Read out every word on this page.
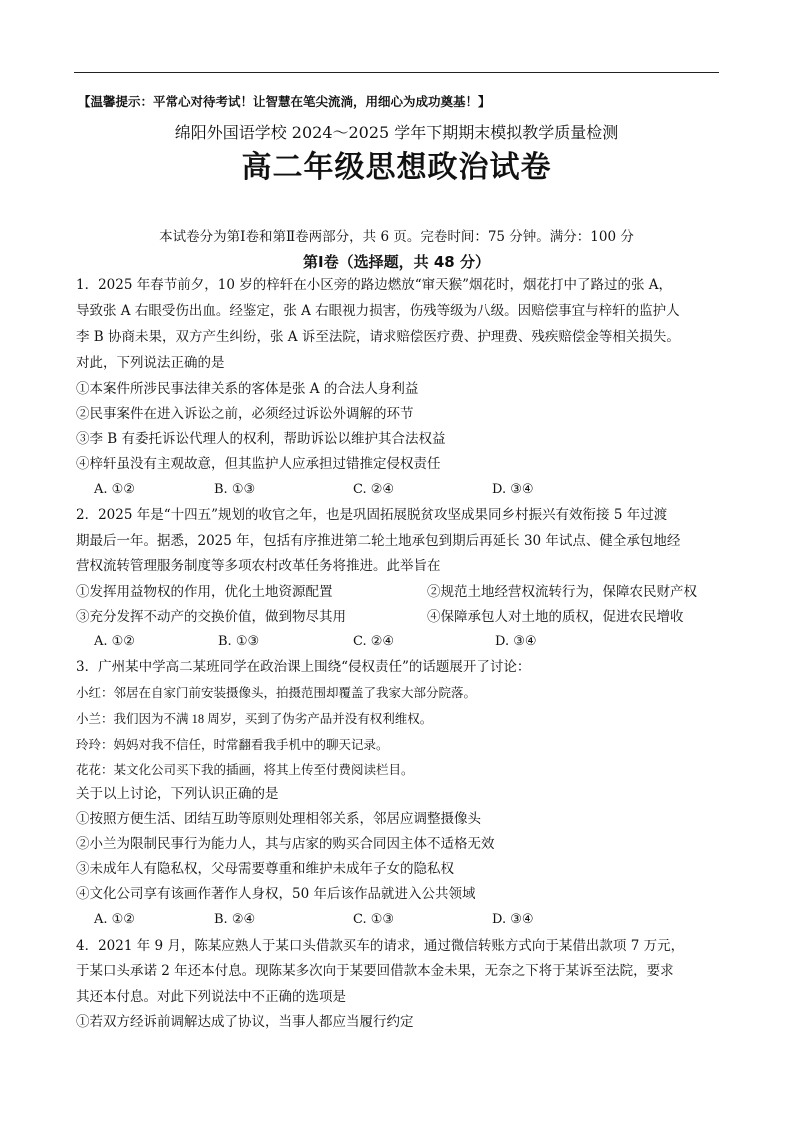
【温馨提示：平常心对待考试！让智慧在笔尖流淌，用细心为成功奠基！】
绵阳外国语学校 2024～2025 学年下期期末模拟教学质量检测
高二年级思想政治试卷
本试卷分为第Ⅰ卷和第Ⅱ卷两部分，共 6 页。完卷时间：75 分钟。满分：100 分
第Ⅰ卷（选择题，共 48 分）
1．2025 年春节前夕，10 岁的梓轩在小区旁的路边燃放“窜天猴”烟花时，烟花打中了路过的张 A，
导致张 A 右眼受伤出血。经鉴定，张 A 右眼视力损害，伤残等级为八级。因赔偿事宜与梓轩的监护人
李 B 协商未果，双方产生纠纷，张 A 诉至法院，请求赔偿医疗费、护理费、残疾赔偿金等相关损失。
对此，下列说法正确的是
①本案件所涉民事法律关系的客体是张 A 的合法人身利益
②民事案件在进入诉讼之前，必须经过诉讼外调解的环节
③李 B 有委托诉讼代理人的权利，帮助诉讼以维护其合法权益
④梓轩虽没有主观故意，但其监护人应承担过错推定侵权责任
A. ①②	B. ①③	C. ②④	D. ③④
2．2025 年是“十四五”规划的收官之年，也是巩固拓展脱贫攻坚成果同乡村振兴有效衔接 5 年过渡
期最后一年。据悉，2025 年，包括有序推进第二轮土地承包到期后再延长 30 年试点、健全承包地经
营权流转管理服务制度等多项农村改革任务将推进。此举旨在
①发挥用益物权的作用，优化土地资源配置	②规范土地经营权流转行为，保障农民财产权
③充分发挥不动产的交换价值，做到物尽其用	④保障承包人对土地的质权，促进农民增收
A. ①②	B. ①③	C. ②④	D. ③④
3．广州某中学高二某班同学在政治课上围绕“侵权责任”的话题展开了讨论：
小红：邻居在自家门前安装摄像头，拍摄范围却覆盖了我家大部分院落。
小兰：我们因为不满 18 周岁，买到了伪劣产品并没有权利维权。
玲玲：妈妈对我不信任，时常翻看我手机中的聊天记录。
花花：某文化公司买下我的插画，将其上传至付费阅读栏目。
关于以上讨论，下列认识正确的是
①按照方便生活、团结互助等原则处理相邻关系，邻居应调整摄像头
②小兰为限制民事行为能力人，其与店家的购买合同因主体不适格无效
③未成年人有隐私权，父母需要尊重和维护未成年子女的隐私权
④文化公司享有该画作著作人身权，50 年后该作品就进入公共领域
A. ①②	B. ②④	C. ①③	D. ③④
4．2021 年 9 月，陈某应熟人于某口头借款买车的请求，通过微信转账方式向于某借出款项 7 万元，
于某口头承诺 2 年还本付息。现陈某多次向于某要回借款本金未果，无奈之下将于某诉至法院，要求
其还本付息。对此下列说法中不正确的选项是
①若双方经诉前调解达成了协议，当事人都应当履行约定
